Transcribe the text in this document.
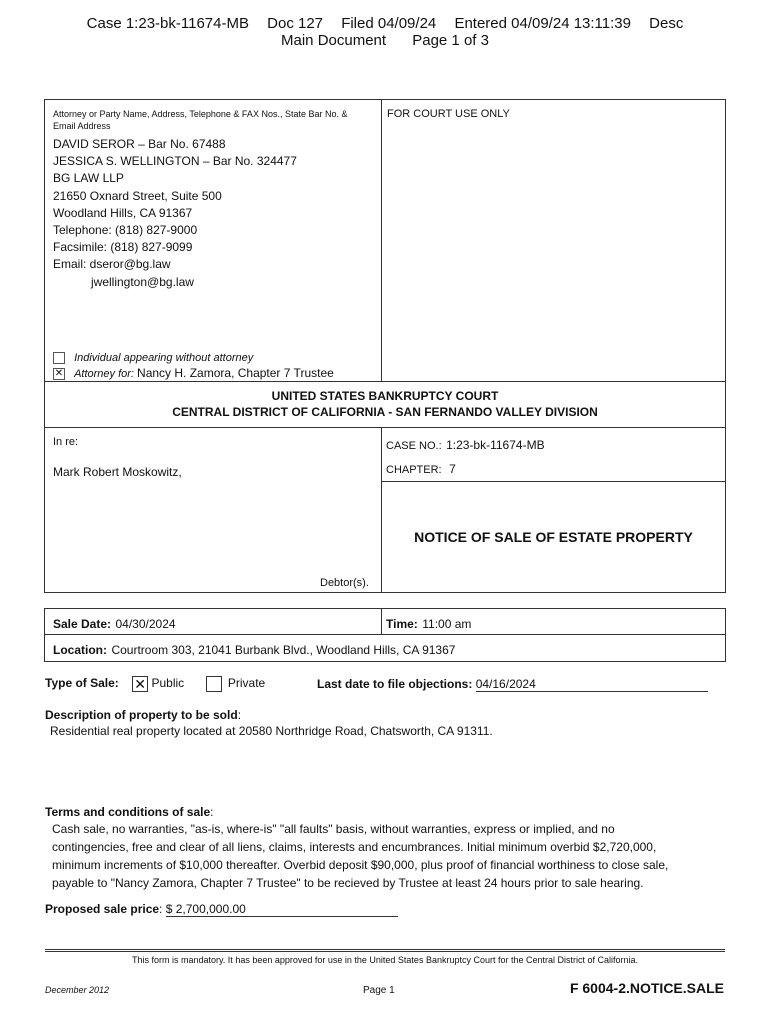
Case 1:23-bk-11674-MB Doc 127 Filed 04/09/24 Entered 04/09/24 13:11:39 Desc
Main Document Page 1 of 3
Attorney or Party Name, Address, Telephone & FAX Nos., State Bar No. & Email Address
DAVID SEROR – Bar No. 67488
JESSICA S. WELLINGTON – Bar No. 324477
BG LAW LLP
21650 Oxnard Street, Suite 500
Woodland Hills, CA 91367
Telephone: (818) 827-9000
Facsimile: (818) 827-9099
Email: dseror@bg.law
jwellington@bg.law
Individual appearing without attorney
✕ Attorney for: Nancy H. Zamora, Chapter 7 Trustee
FOR COURT USE ONLY
UNITED STATES BANKRUPTCY COURT
CENTRAL DISTRICT OF CALIFORNIA - SAN FERNANDO VALLEY DIVISION
In re:
Mark Robert Moskowitz,
Debtor(s).
CASE NO.: 1:23-bk-11674-MB
CHAPTER: 7
NOTICE OF SALE OF ESTATE PROPERTY
Sale Date: 04/30/2024	Time: 11:00 am
Location: Courtroom 303, 21041 Burbank Blvd., Woodland Hills, CA 91367
Type of Sale: ✕ Public	Private	Last date to file objections: 04/16/2024
Description of property to be sold:
Residential real property located at 20580 Northridge Road, Chatsworth, CA 91311.
Terms and conditions of sale:
Cash sale, no warranties, "as-is, where-is" "all faults" basis, without warranties, express or implied, and no
contingencies, free and clear of all liens, claims, interests and encumbrances. Initial minimum overbid $2,720,000,
minimum increments of $10,000 thereafter. Overbid deposit $90,000, plus proof of financial worthiness to close sale,
payable to "Nancy Zamora, Chapter 7 Trustee" to be recieved by Trustee at least 24 hours prior to sale hearing.
Proposed sale price: $ 2,700,000.00
This form is mandatory. It has been approved for use in the United States Bankruptcy Court for the Central District of California.
December 2012	Page 1	F 6004-2.NOTICE.SALE
